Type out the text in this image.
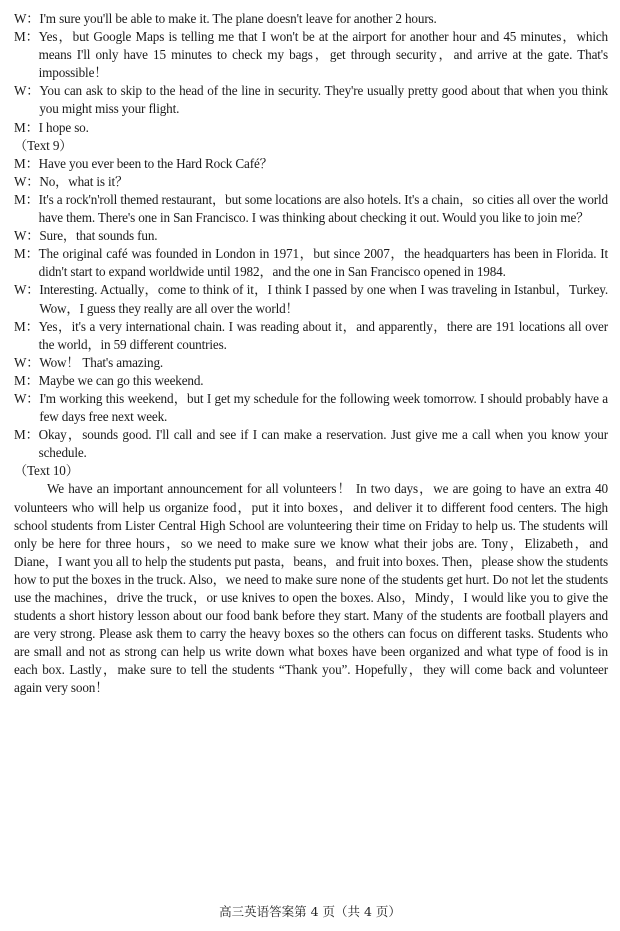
W： I'm sure you'll be able to make it. The plane doesn't leave for another 2 hours.
M： Yes，but Google Maps is telling me that I won't be at the airport for another hour and 45 minutes，which means I'll only have 15 minutes to check my bags，get through security，and arrive at the gate. That's impossible！
W： You can ask to skip to the head of the line in security. They're usually pretty good about that when you think you might miss your flight.
M： I hope so.
（Text 9）
M： Have you ever been to the Hard Rock Café？
W： No，what is it？
M： It's a rock'n'roll themed restaurant，but some locations are also hotels. It's a chain，so cities all over the world have them. There's one in San Francisco. I was thinking about checking it out. Would you like to join me？
W： Sure，that sounds fun.
M： The original café was founded in London in 1971，but since 2007，the headquarters has been in Florida. It didn't start to expand worldwide until 1982，and the one in San Francisco opened in 1984.
W： Interesting. Actually，come to think of it，I think I passed by one when I was traveling in Istanbul，Turkey. Wow，I guess they really are all over the world！
M： Yes，it's a very international chain. I was reading about it，and apparently，there are 191 locations all over the world，in 59 different countries.
W： Wow！ That's amazing.
M： Maybe we can go this weekend.
W： I'm working this weekend，but I get my schedule for the following week tomorrow. I should probably have a few days free next week.
M： Okay，sounds good. I'll call and see if I can make a reservation. Just give me a call when you know your schedule.
（Text 10）

We have an important announcement for all volunteers！ In two days，we are going to have an extra 40 volunteers who will help us organize food，put it into boxes，and deliver it to different food centers. The high school students from Lister Central High School are volunteering their time on Friday to help us. The students will only be here for three hours，so we need to make sure we know what their jobs are. Tony，Elizabeth，and Diane，I want you all to help the students put pasta，beans，and fruit into boxes. Then，please show the students how to put the boxes in the truck. Also，we need to make sure none of the students get hurt. Do not let the students use the machines，drive the truck，or use knives to open the boxes. Also，Mindy，I would like you to give the students a short history lesson about our food bank before they start. Many of the students are football players and are very strong. Please ask them to carry the heavy boxes so the others can focus on different tasks. Students who are small and not as strong can help us write down what boxes have been organized and what type of food is in each box. Lastly，make sure to tell the students “Thank you”. Hopefully，they will come back and volunteer again very soon！

高三英语答案第 4 页（共 4 页）
